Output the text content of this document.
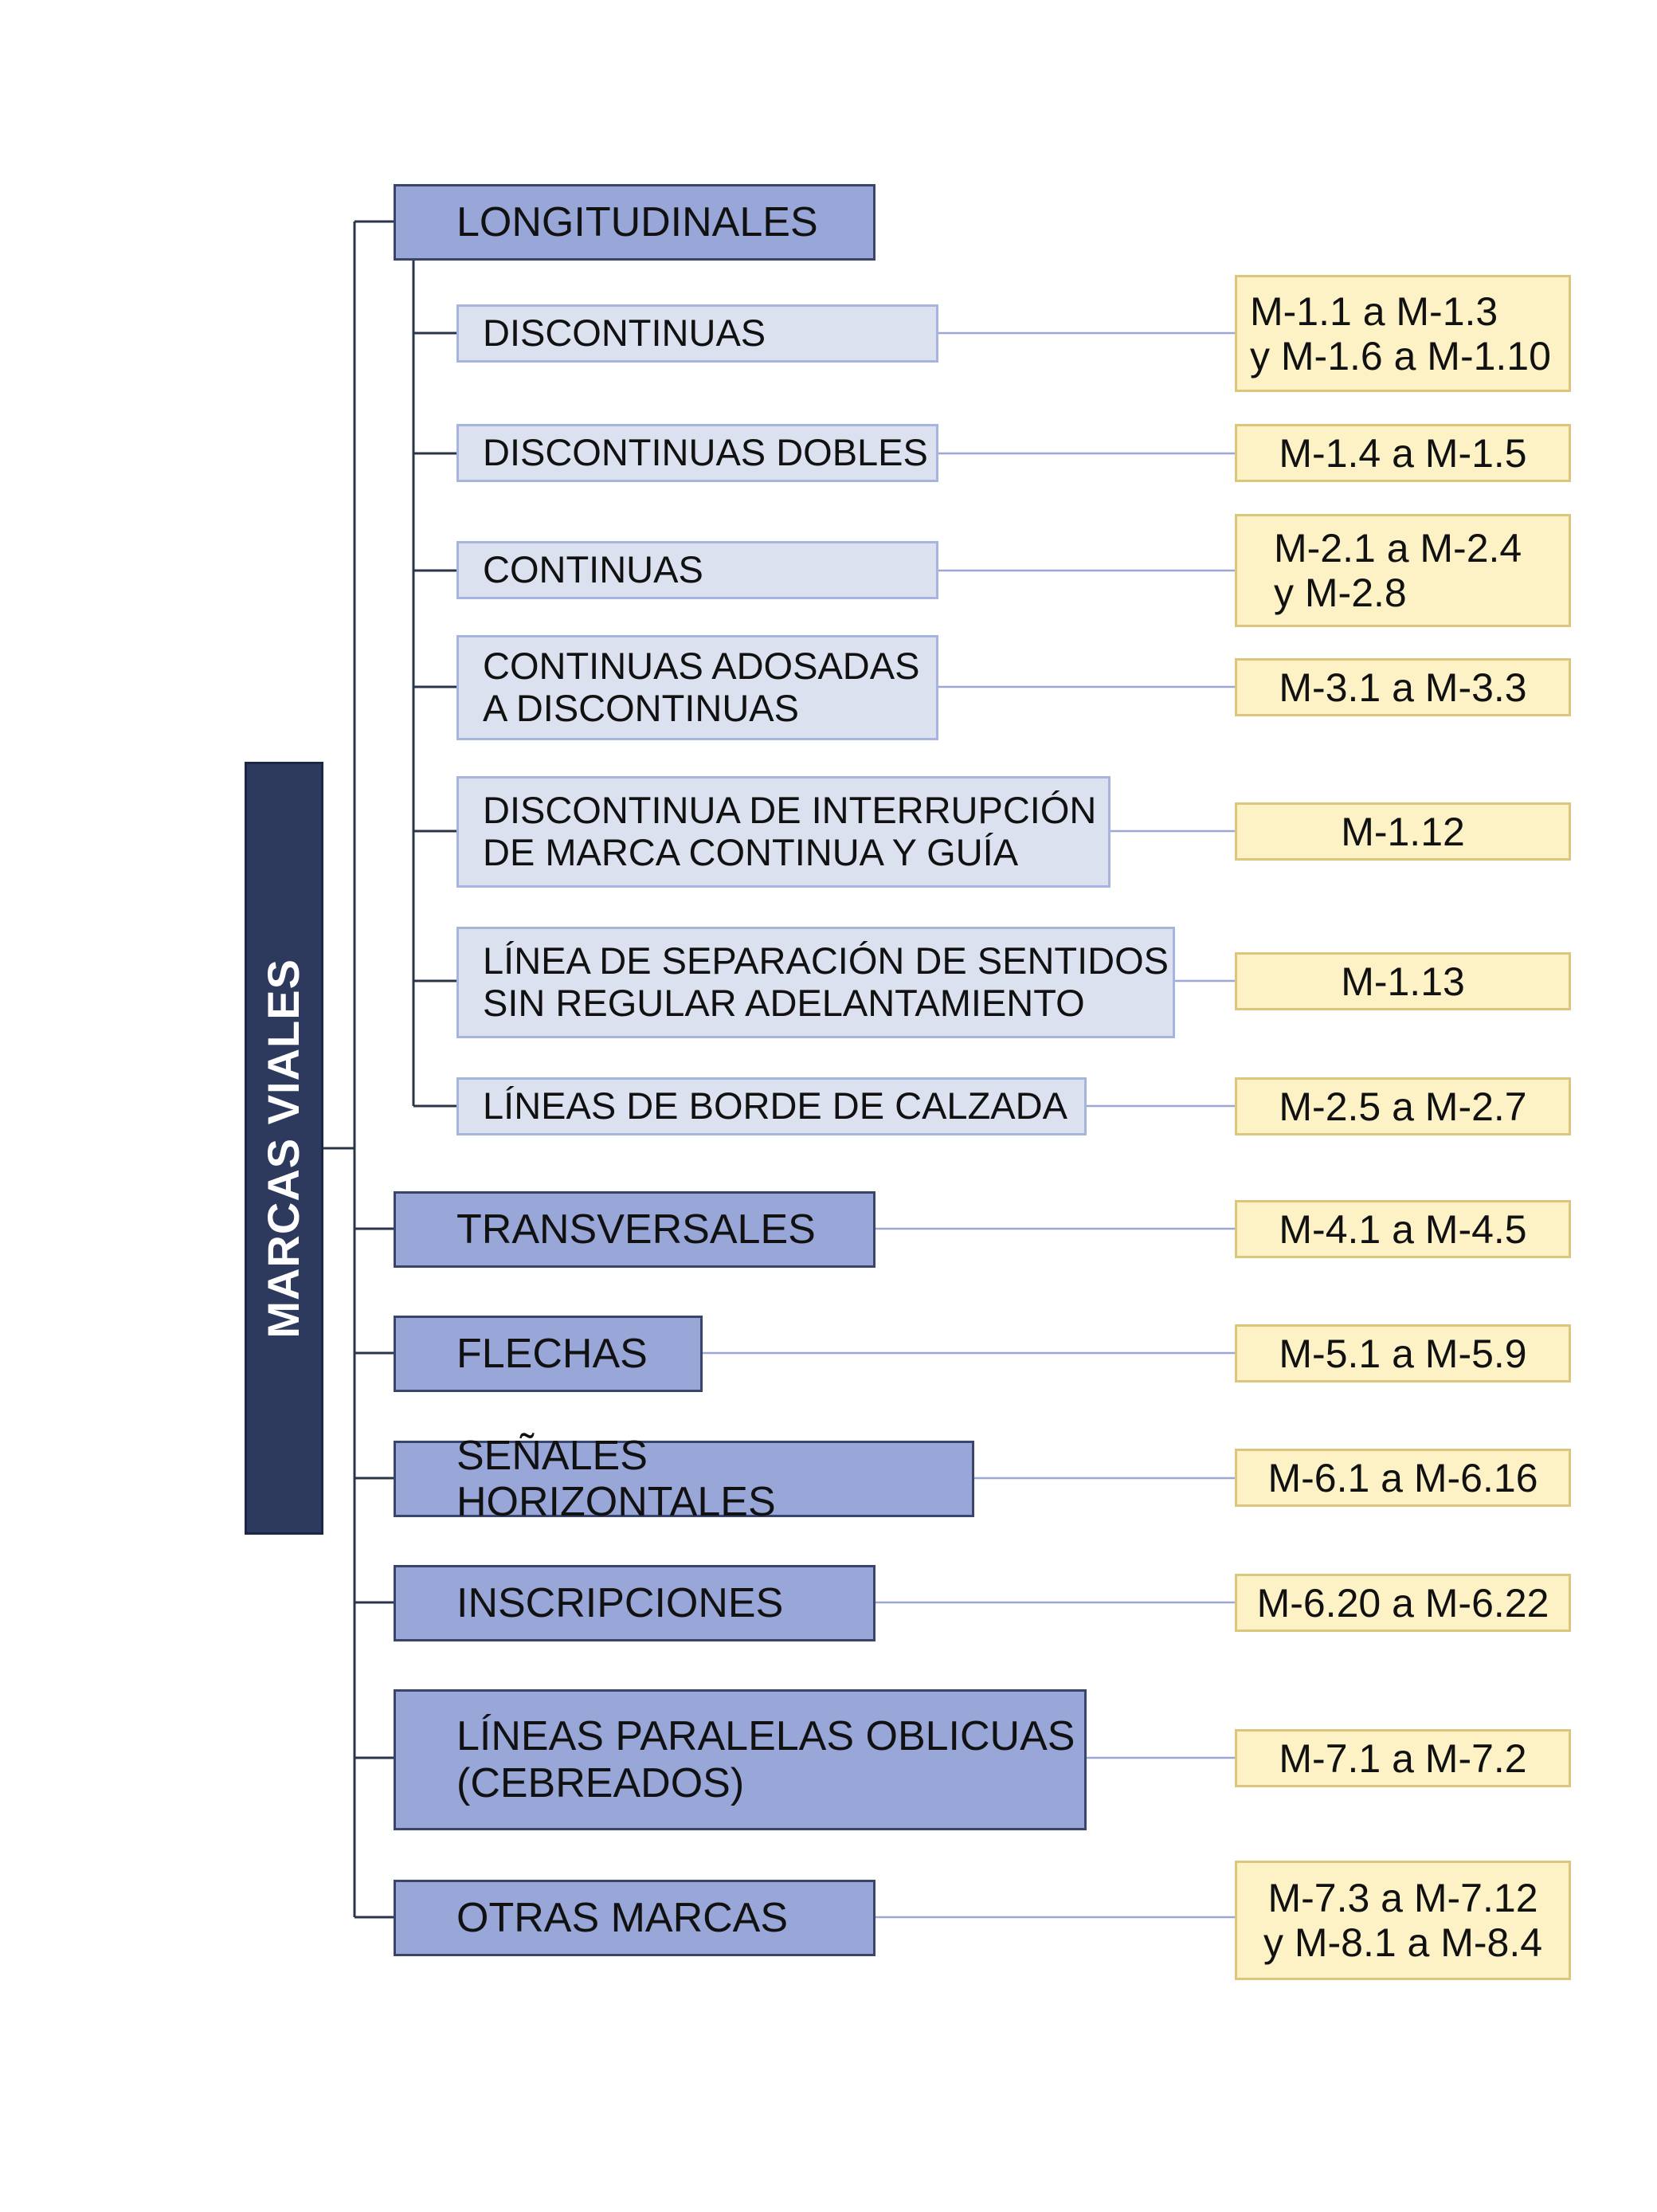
MARCAS VIALES
LONGITUDINALES
DISCONTINUAS
DISCONTINUAS DOBLES
CONTINUAS
CONTINUAS ADOSADAS
A DISCONTINUAS
DISCONTINUA DE INTERRUPCIÓN
DE MARCA CONTINUA Y GUÍA
LÍNEA DE SEPARACIÓN DE SENTIDOS
SIN REGULAR ADELANTAMIENTO
LÍNEAS DE BORDE DE CALZADA
TRANSVERSALES
FLECHAS
SEÑALES HORIZONTALES
INSCRIPCIONES
LÍNEAS PARALELAS OBLICUAS
(CEBREADOS)
OTRAS MARCAS
M-1.1 a M-1.3
y M-1.6 a M-1.10
M-1.4 a M-1.5
M-2.1 a M-2.4
y M-2.8
M-3.1 a M-3.3
M-1.12
M-1.13
M-2.5 a M-2.7
M-4.1 a M-4.5
M-5.1 a M-5.9
M-6.1 a M-6.16
M-6.20 a M-6.22
M-7.1 a M-7.2
M-7.3 a M-7.12
y M-8.1 a M-8.4
